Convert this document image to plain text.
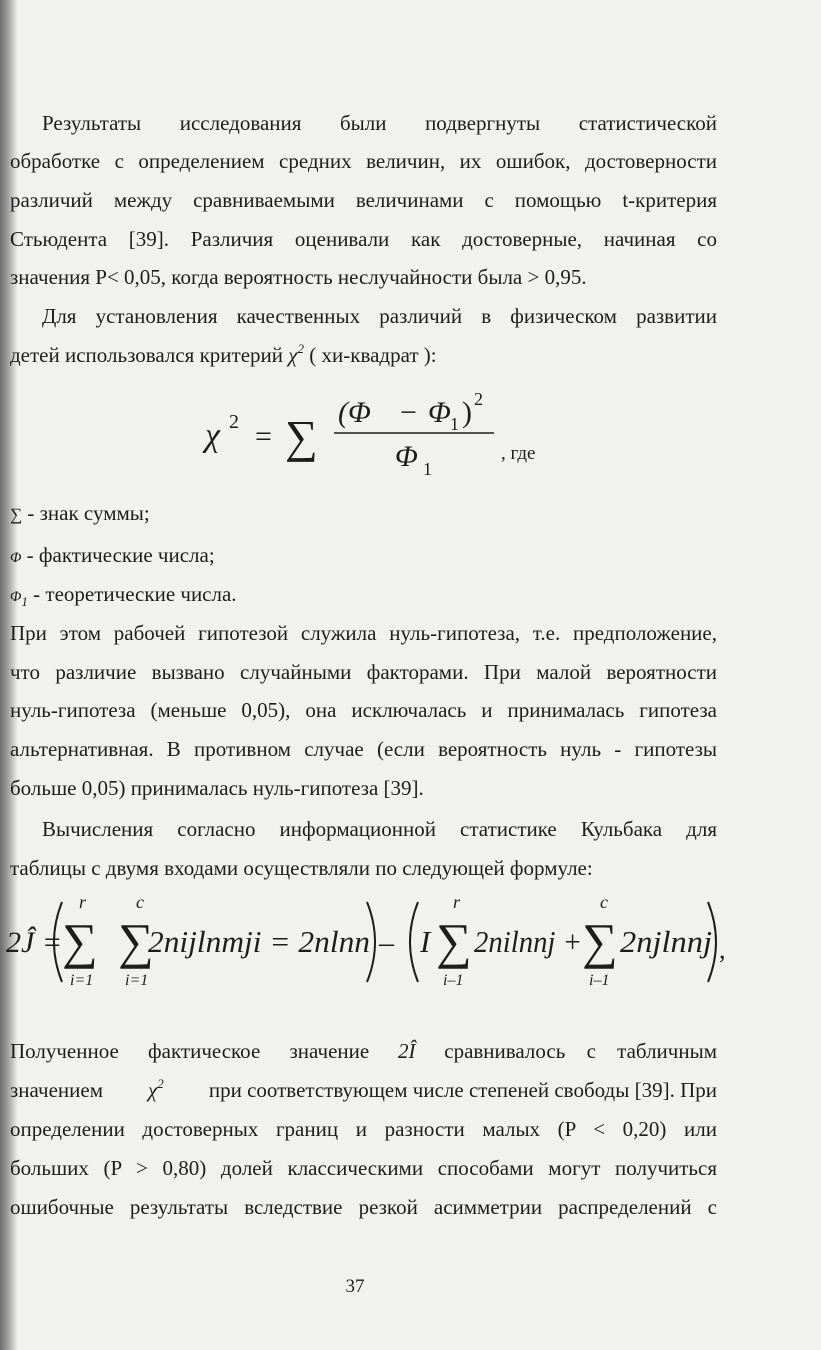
Результаты исследования были подвергнуты статистической
обработке с определением средних величин, их ошибок, достоверности
различий между сравниваемыми величинами с помощью t-критерия
Стьюдента [39]. Различия оценивали как достоверные, начиная со
значения P< 0,05, когда вероятность неслучайности была > 0,95.
Для установления качественных различий в физическом развитии
детей использовался критерий $\chi^2$ ( хи-квадрат ):
χ 2 = ∑ (Φ − Φ 1 ) 2
Φ 1
, где
∑ - знак суммы;
Φ - фактические числа;
$\Phi_1$ - теоретические числа.
При этом рабочей гипотезой служила нуль-гипотеза, т.е. предположение,
что различие вызвано случайными факторами. При малой вероятности
нуль-гипотеза (меньше 0,05), она исключалась и принималась гипотеза
альтернативная. В противном случае (если вероятность нуль - гипотезы
больше 0,05) принималась нуль-гипотеза [39].
Вычисления согласно информационной статистике Кульбака для
таблицы с двумя входами осуществляли по следующей формуле:
2Ĵ = ∑
r
i=1
∑
c
i=1
2nijlnmji = 2nlnn – I ∑
r
i–1
2nilnnj + ∑
c
i–1
2njlnnj ,
Полученное фактическое значение 2Î сравнивалось с табличным
значением $\chi^2$ при соответствующем числе степеней свободы [39]. При
определении достоверных границ и разности малых (P < 0,20) или
больших (P > 0,80) долей классическими способами могут получиться
ошибочные результаты вследствие резкой асимметрии распределений с
37
